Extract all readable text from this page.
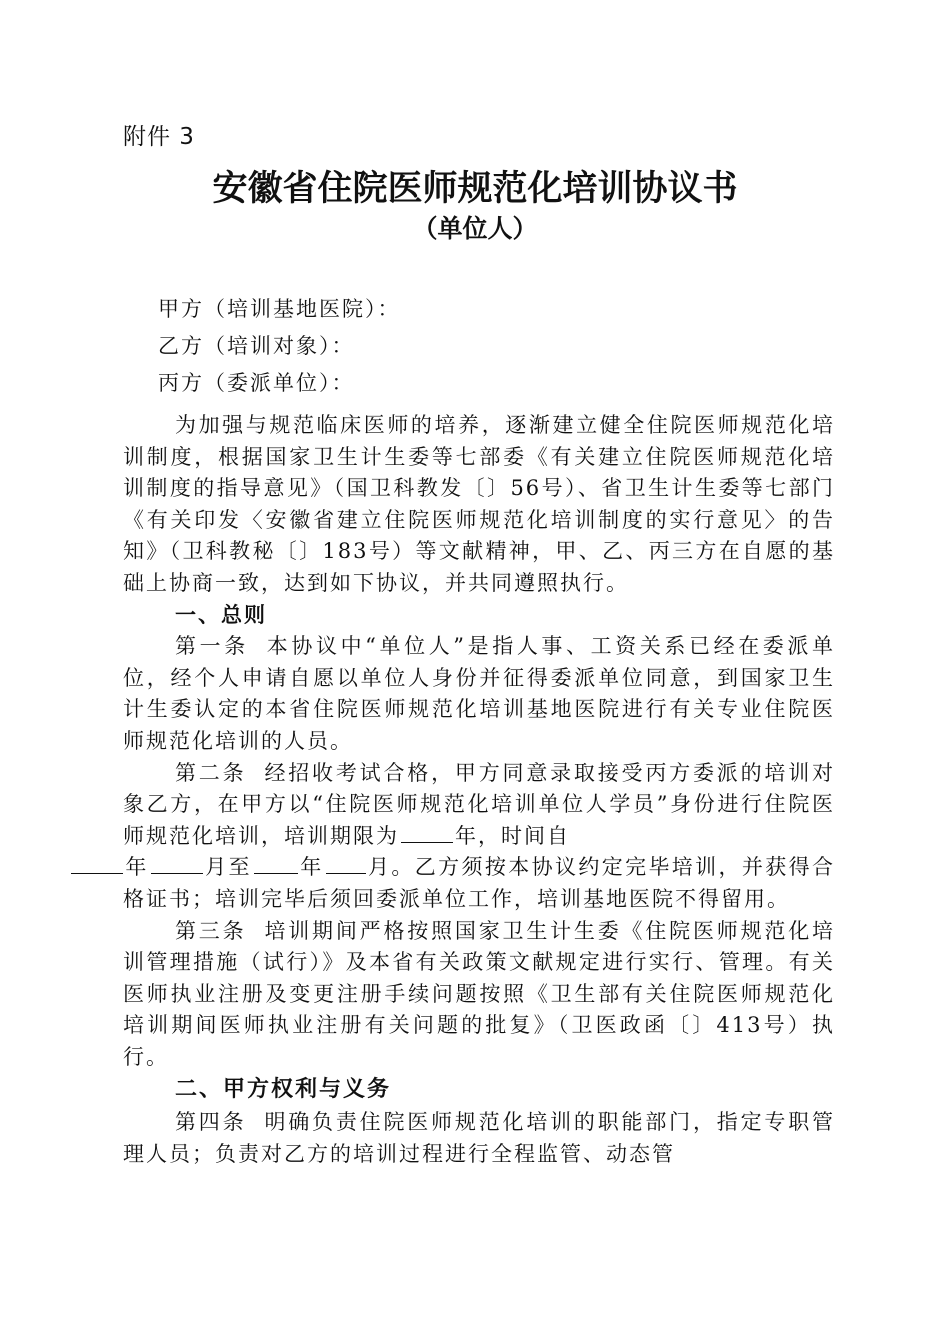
附件 3
安徽省住院医师规范化培训协议书
（单位人）
甲方（培训基地医院）：
乙方（培训对象）：
丙方（委派单位）：

为加强与规范临床医师的培养，逐渐建立健全住院医师规范化培训制度，根据国家卫生计生委等七部委《有关建立住院医师规范化培训制度的指导意见》（国卫科教发〔〕56号）、省卫生计生委等七部门《有关印发〈安徽省建立住院医师规范化培训制度的实行意见〉的告知》（卫科教秘〔〕183号）等文献精神，甲、乙、丙三方在自愿的基础上协商一致，达到如下协议，并共同遵照执行。

一、总则

第一条 本协议中“单位人”是指人事、工资关系已经在委派单位，经个人申请自愿以单位人身份并征得委派单位同意，到国家卫生计生委认定的本省住院医师规范化培训基地医院进行有关专业住院医师规范化培训的人员。

第二条 经招收考试合格，甲方同意录取接受丙方委派的培训对象乙方，在甲方以“住院医师规范化培训单位人学员”身份进行住院医师规范化培训，培训期限为	年，时间自
年	月至 年 月。乙方须按本协议约定完毕培训，并获得合格证书；培训完毕后须回委派单位工作，培训基地医院不得留用。

第三条 培训期间严格按照国家卫生计生委《住院医师规范化培训管理措施（试行）》及本省有关政策文献规定进行实行、管理。有关医师执业注册及变更注册手续问题按照《卫生部有关住院医师规范化培训期间医师执业注册有关问题的批复》（卫医政函〔〕413号）执行。

二、甲方权利与义务

第四条 明确负责住院医师规范化培训的职能部门，指定专职管理人员；负责对乙方的培训过程进行全程监管、动态管
